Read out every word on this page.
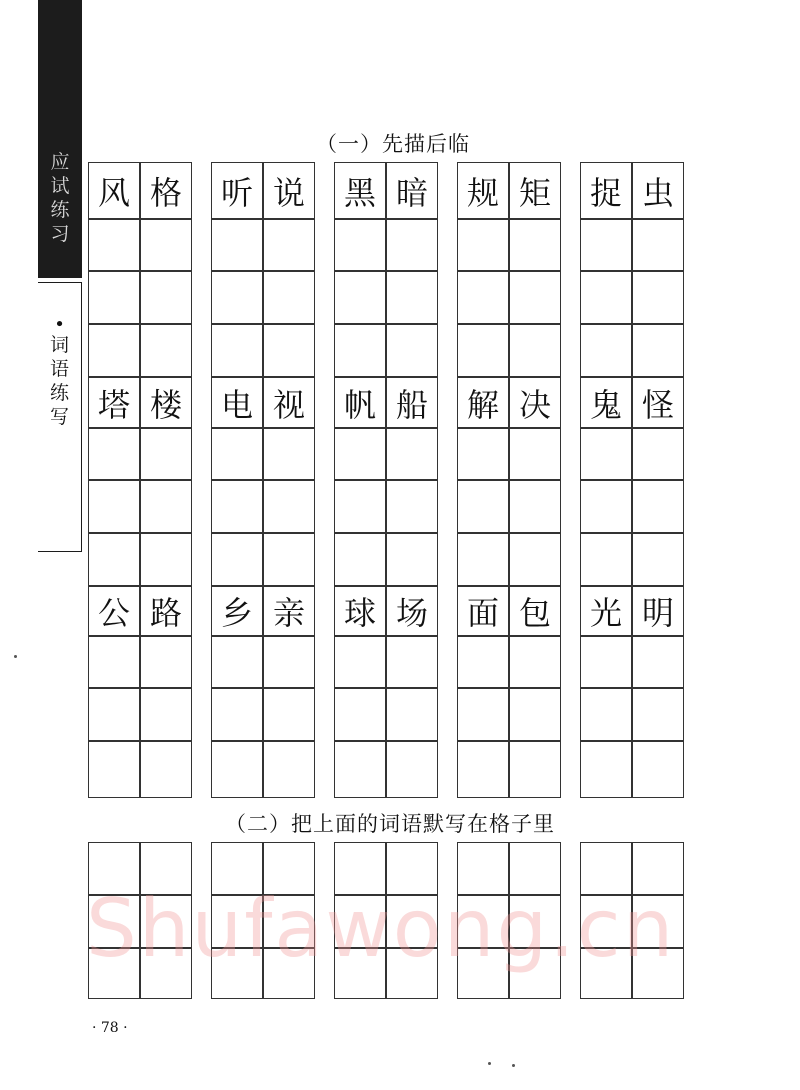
应
试
练
习
•
词
语
练
写
（一）先描后临
（二）把上面的词语默写在格子里
风 格	听 说	黑 暗	规 矩	捉 虫
塔 楼	电 视	帆 船	解 决	鬼 怪
公 路	乡 亲	球 场	面 包	光 明
Shufawong.cn
· 78 ·
